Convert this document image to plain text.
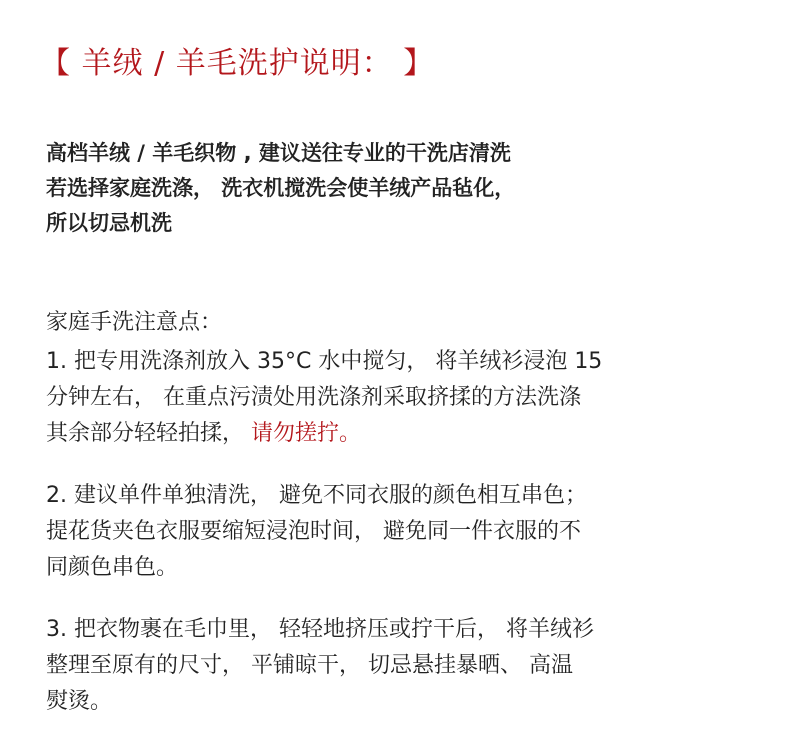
【 羊绒 / 羊毛洗护说明： 】
高档羊绒 / 羊毛织物 , 建议送往专业的干洗店清洗
若选择家庭洗涤， 洗衣机搅洗会使羊绒产品毡化，
所以切忌机洗
家庭手洗注意点：
1. 把专用洗涤剂放入 35°C 水中搅匀， 将羊绒衫浸泡 15
分钟左右， 在重点污渍处用洗涤剂采取挤揉的方法洗涤
其余部分轻轻拍揉， 请勿搓拧。
2. 建议单件单独清洗， 避免不同衣服的颜色相互串色；
提花货夹色衣服要缩短浸泡时间， 避免同一件衣服的不
同颜色串色。
3. 把衣物裹在毛巾里， 轻轻地挤压或拧干后， 将羊绒衫
整理至原有的尺寸， 平铺晾干， 切忌悬挂暴晒、 高温
熨烫。
